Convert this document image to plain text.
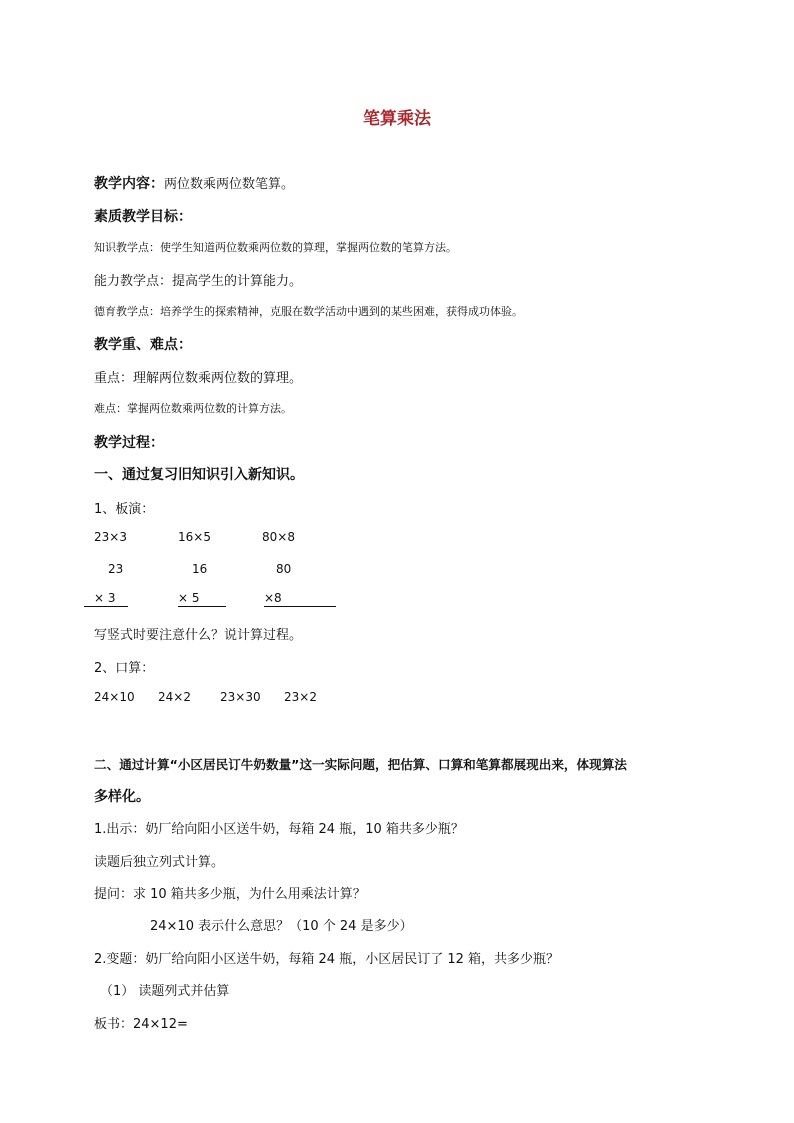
笔算乘法
教学内容：两位数乘两位数笔算。
素质教学目标：
知识教学点：使学生知道两位数乘两位数的算理，掌握两位数的笔算方法。
能力教学点：提高学生的计算能力。
德育教学点：培养学生的探索精神，克服在数学活动中遇到的某些困难，获得成功体验。
教学重、难点：
重点：理解两位数乘两位数的算理。
难点：掌握两位数乘两位数的计算方法。
教学过程：
一、通过复习旧知识引入新知识。
1、板演：
23×3	16×5	80×8
23	16	80
× 3	× 5	×8
写竖式时要注意什么？说计算过程。
2、口算：
24×10 24×2 23×30 23×2
二、通过计算“小区居民订牛奶数量”这一实际问题，把估算、口算和笔算都展现出来，体现算法
多样化。
1.出示：奶厂给向阳小区送牛奶，每箱 24 瓶，10 箱共多少瓶？
读题后独立列式计算。
提问：求 10 箱共多少瓶，为什么用乘法计算？
24×10 表示什么意思？（10 个 24 是多少）
2.变题：奶厂给向阳小区送牛奶，每箱 24 瓶，小区居民订了 12 箱，共多少瓶？
（1） 读题列式并估算
板书：24×12=
